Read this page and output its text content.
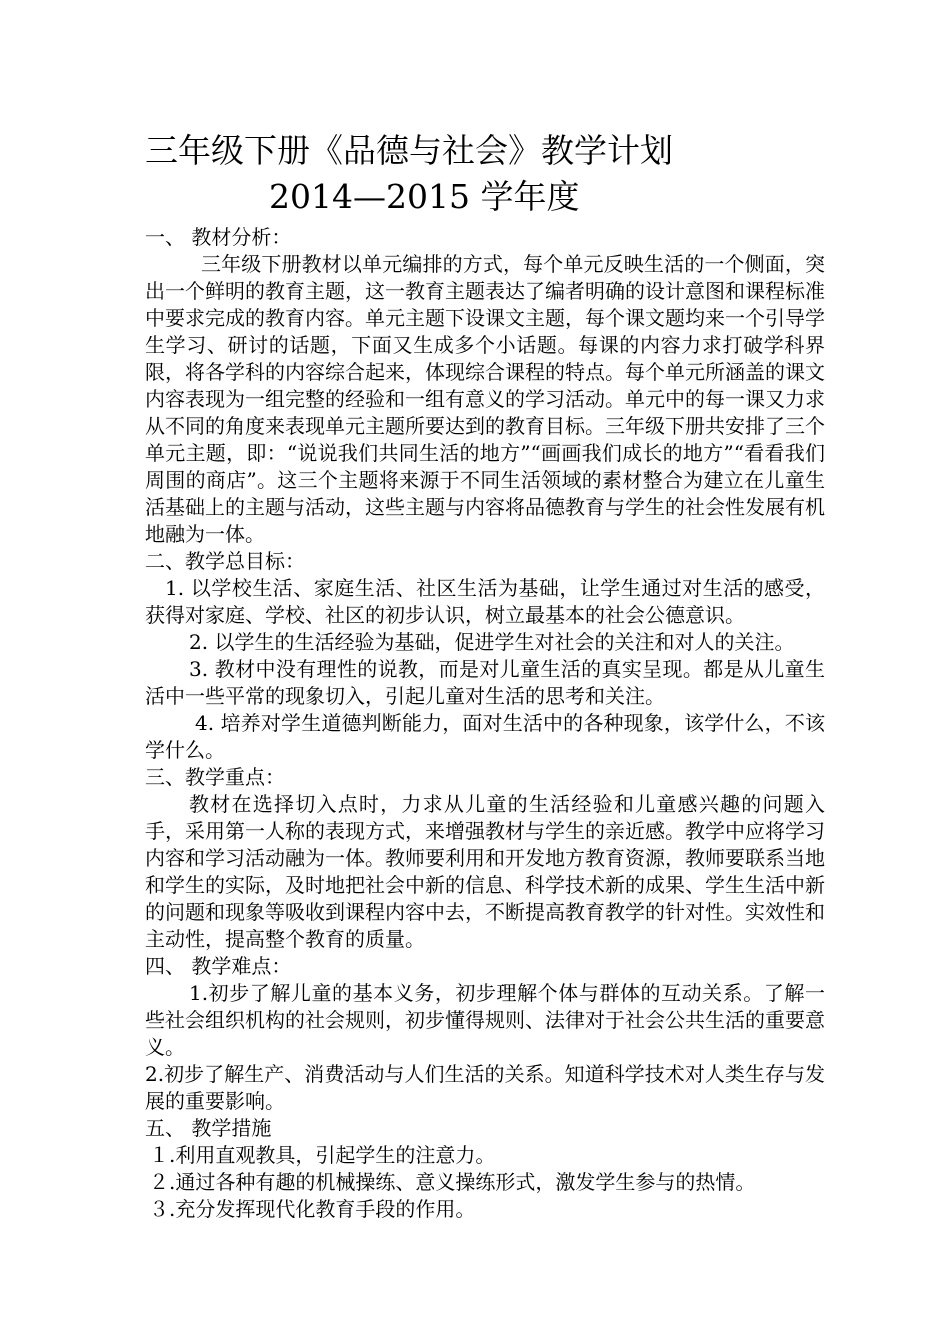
三年级下册《品德与社会》教学计划
2014—2015 学年度

一、 教材分析：

三年级下册教材以单元编排的方式，每个单元反映生活的一个侧面，突出一个鲜明的教育主题，这一教育主题表达了编者明确的设计意图和课程标准中要求完成的教育内容。单元主题下设课文主题，每个课文题均来一个引导学生学习、研讨的话题，下面又生成多个小话题。每课的内容力求打破学科界限，将各学科的内容综合起来，体现综合课程的特点。每个单元所涵盖的课文内容表现为一组完整的经验和一组有意义的学习活动。单元中的每一课又力求从不同的角度来表现单元主题所要达到的教育目标。三年级下册共安排了三个单元主题，即：“说说我们共同生活的地方”“画画我们成长的地方”“看看我们周围的商店”。这三个主题将来源于不同生活领域的素材整合为建立在儿童生活基础上的主题与活动，这些主题与内容将品德教育与学生的社会性发展有机地融为一体。

二、教学总目标：

1. 以学校生活、家庭生活、社区生活为基础，让学生通过对生活的感受，获得对家庭、学校、社区的初步认识，树立最基本的社会公德意识。

2. 以学生的生活经验为基础，促进学生对社会的关注和对人的关注。

3. 教材中没有理性的说教，而是对儿童生活的真实呈现。都是从儿童生活中一些平常的现象切入，引起儿童对生活的思考和关注。

4. 培养对学生道德判断能力，面对生活中的各种现象，该学什么，不该学什么。

三、教学重点：

教材在选择切入点时，力求从儿童的生活经验和儿童感兴趣的问题入手，采用第一人称的表现方式，来增强教材与学生的亲近感。教学中应将学习内容和学习活动融为一体。教师要利用和开发地方教育资源，教师要联系当地和学生的实际，及时地把社会中新的信息、科学技术新的成果、学生生活中新的问题和现象等吸收到课程内容中去，不断提高教育教学的针对性。实效性和主动性，提高整个教育的质量。

四、 教学难点：

1.初步了解儿童的基本义务，初步理解个体与群体的互动关系。了解一些社会组织机构的社会规则，初步懂得规则、法律对于社会公共生活的重要意义。

2.初步了解生产、消费活动与人们生活的关系。知道科学技术对人类生存与发展的重要影响。

五、 教学措施

１.利用直观教具，引起学生的注意力。

２.通过各种有趣的机械操练、意义操练形式，激发学生参与的热情。

３.充分发挥现代化教育手段的作用。
